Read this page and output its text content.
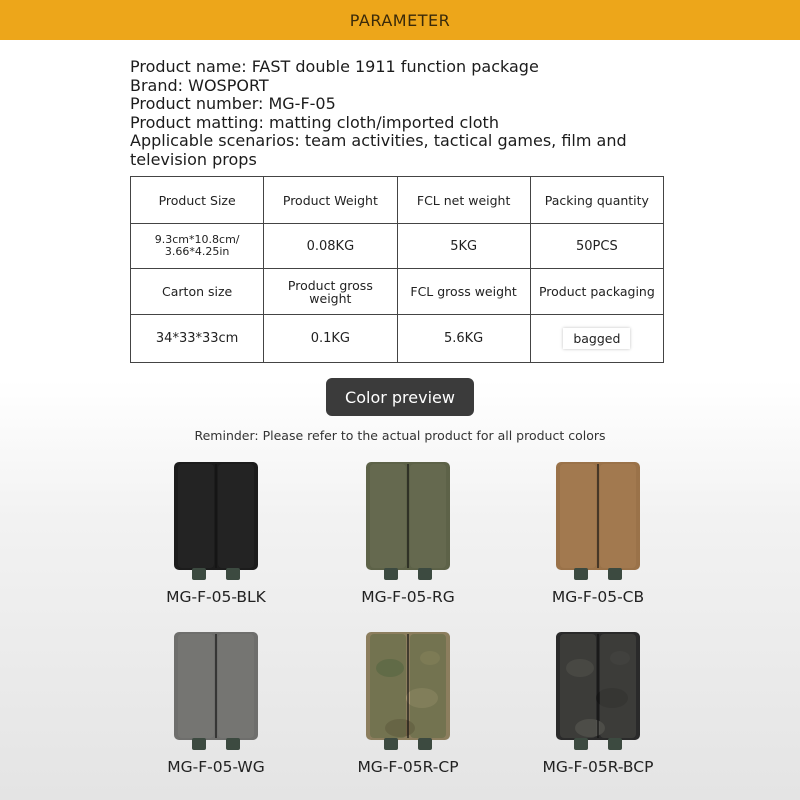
PARAMETER
Product name: FAST double 1911 function package
Brand: WOSPORT
Product number: MG-F-05
Product matting: matting cloth/imported cloth
Applicable scenarios: team activities, tactical games, film and television props
Product Size	Product Weight	FCL net weight	Packing quantity
9.3cm*10.8cm/ 3.66*4.25in	0.08KG	5KG	50PCS
Carton size	Product gross weight	FCL gross weight	Product packaging
34*33*33cm	0.1KG	5.6KG	bagged
Color preview
Reminder: Please refer to the actual product for all product colors
MG-F-05-BLK	MG-F-05-RG	MG-F-05-CB
MG-F-05-WG	MG-F-05R-CP	MG-F-05R-BCP
